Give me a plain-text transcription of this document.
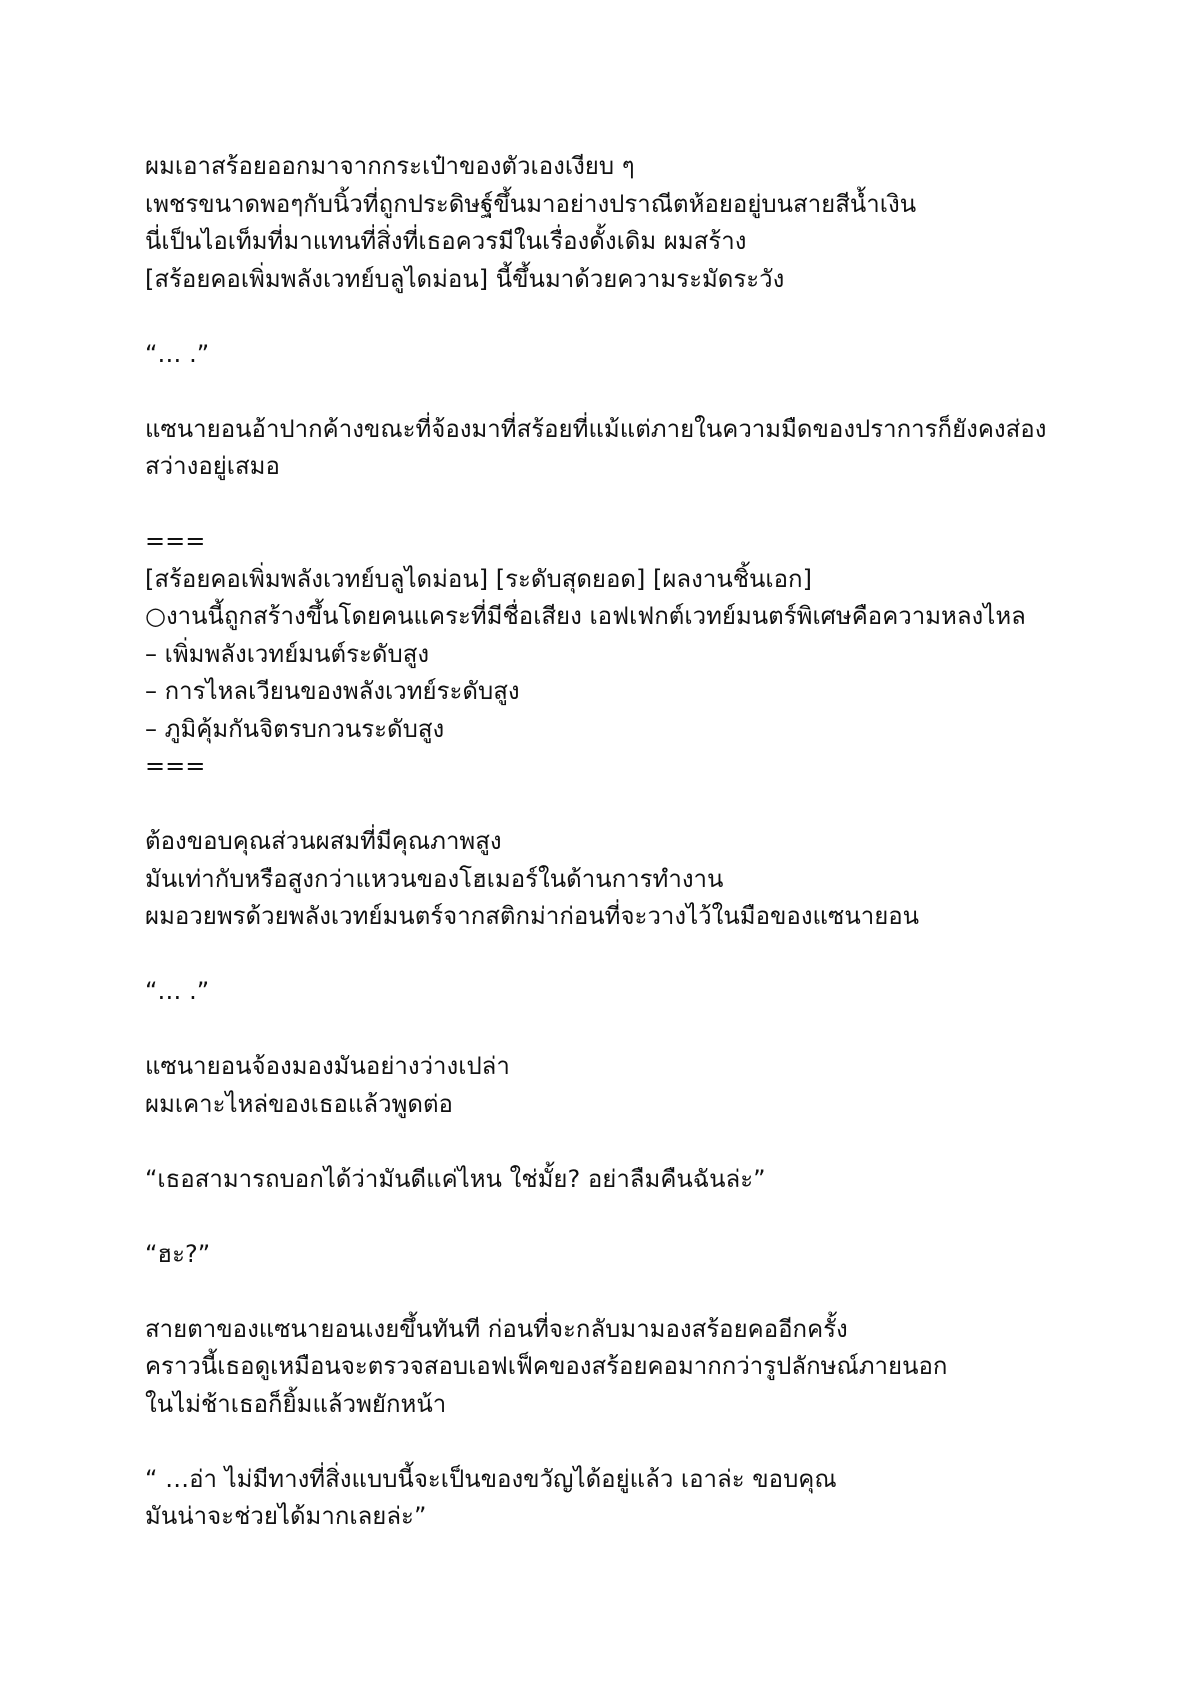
ผมเอาสร้อยออกมาจากกระเป๋าของตัวเองเงียบ ๆ
เพชรขนาดพอๆกับนิ้วที่ถูกประดิษฐ์ขึ้นมาอย่างปราณีตห้อยอยู่บนสายสีน้ำเงิน
นี่เป็นไอเท็มที่มาแทนที่สิ่งที่เธอควรมีในเรื่องดั้งเดิม ผมสร้าง
[สร้อยคอเพิ่มพลังเวทย์บลูไดม่อน] นี้ขึ้นมาด้วยความระมัดระวัง
“… .”
แซนายอนอ้าปากค้างขณะที่จ้องมาที่สร้อยที่แม้แต่ภายในความมืดของปราการก็ยังคงส่อง
สว่างอยู่เสมอ
===
[สร้อยคอเพิ่มพลังเวทย์บลูไดม่อน] [ระดับสุดยอด] [ผลงานชิ้นเอก]
○งานนี้ถูกสร้างขึ้นโดยคนแคระที่มีชื่อเสียง เอฟเฟกต์เวทย์มนตร์พิเศษคือความหลงไหล
– เพิ่มพลังเวทย์มนต์ระดับสูง
– การไหลเวียนของพลังเวทย์ระดับสูง
– ภูมิคุ้มกันจิตรบกวนระดับสูง
===
ต้องขอบคุณส่วนผสมที่มีคุณภาพสูง
มันเท่ากับหรือสูงกว่าแหวนของโฮเมอร์ในด้านการทำงาน
ผมอวยพรด้วยพลังเวทย์มนตร์จากสติกม่าก่อนที่จะวางไว้ในมือของแซนายอน
“… .”
แซนายอนจ้องมองมันอย่างว่างเปล่า
ผมเคาะไหล่ของเธอแล้วพูดต่อ
“เธอสามารถบอกได้ว่ามันดีแค่ไหน ใช่มั้ย? อย่าลืมคืนฉันล่ะ”
“ฮะ?”
สายตาของแซนายอนเงยขึ้นทันที ก่อนที่จะกลับมามองสร้อยคออีกครั้ง
คราวนี้เธอดูเหมือนจะตรวจสอบเอฟเฟ็คของสร้อยคอมากกว่ารูปลักษณ์ภายนอก
ในไม่ช้าเธอก็ยิ้มแล้วพยักหน้า
“ …อ่า ไม่มีทางที่สิ่งแบบนี้จะเป็นของขวัญได้อยู่แล้ว เอาล่ะ ขอบคุณ
มันน่าจะช่วยได้มากเลยล่ะ”
